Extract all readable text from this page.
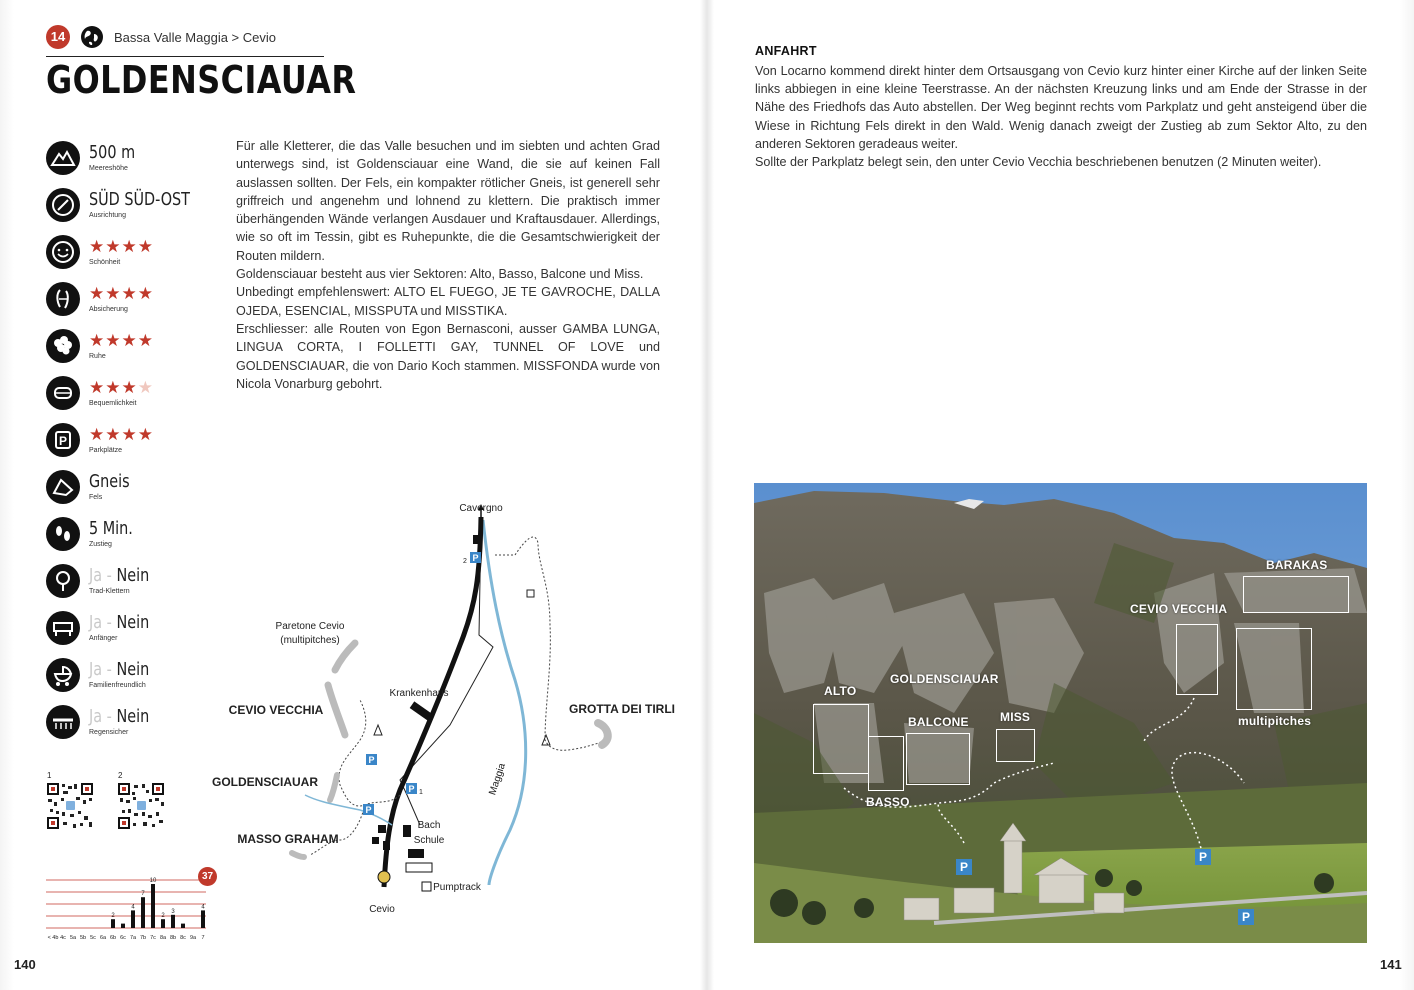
14	Bassa Valle Maggia > Cevio
GOLDENSCIAUAR
500 m
Meereshöhe
SÜD SÜD-OST
Ausrichtung
★★★★
Schönheit
★★★★
Absicherung
★★★★
Ruhe
★★★★
Bequemlichkeit
P ★★★★
Parkplätze
Gneis
Fels
5 Min.
Zustieg
Ja - Nein
Trad-Klettern
Ja - Nein
Anfänger
Ja - Nein
Familienfreundlich
Ja - Nein
Regensicher
1	2
< 4b 4c 5a 5b 5c 6a
2
6b 6c
4
7a
7
7b
10
7c
2
8a
3
8b 8c 9a
4
7
37

Für alle Kletterer, die das Valle besuchen und im siebten und achten Grad unterwegs sind, ist Goldensciauar eine Wand, die sie auf keinen Fall auslassen sollten. Der Fels, ein kompakter rötlicher Gneis, ist generell sehr griffreich und angenehm und lohnend zu klettern. Die praktisch immer überhängenden Wände verlangen Ausdauer und Kraftausdauer. Allerdings, wie so oft im Tessin, gibt es Ruhepunkte, die die Gesamtschwierigkeit der Routen mildern.

Goldensciauar besteht aus vier Sektoren: Alto, Basso, Balcone und Miss.

Unbedingt empfehlenswert: ALTO EL FUEGO, JE TE GAVROCHE, DALLA OJEDA, ESENCIAL, MISSPUTA und MISSTIKA.

Erschliesser: alle Routen von Egon Bernasconi, ausser GAMBA LUNGA, LINGUA CORTA, I FOLLETTI GAY, TUNNEL OF LOVE und GOLDENSCIAUAR, die von Dario Koch stammen. MISSFONDA wurde von Nicola Vonarburg gebohrt.

P
2
P
P 1
P
Cavergno
Paretone Cevio
(multipitches)
Krankenhaus
CEVIO VECCHIA	GROTTA DEI TIRLI
GOLDENSCIAUAR
MASSO GRAHAM
Maggia
Bach
Schule
Pumptrack
Cevio
140	141
ANFAHRT

Von Locarno kommend direkt hinter dem Ortsausgang von Cevio kurz hinter einer Kirche auf der linken Seite links abbiegen in eine kleine Teerstrasse. An der nächsten Kreuzung links und am Ende der Strasse in der Nähe des Friedhofs das Auto abstellen. Der Weg beginnt rechts vom Parkplatz und geht ansteigend über die Wiese in Richtung Fels direkt in den Wald. Wenig danach zweigt der Zustieg ab zum Sektor Alto, zu den anderen Sektoren geradeaus weiter.

Sollte der Parkplatz belegt sein, den unter Cevio Vecchia beschriebenen benutzen (2 Minuten weiter).

ALTO
GOLDENSCIAUAR
BALCONE	MISS
BASSO
CEVIO VECCHIA
BARAKAS
multipitches
P
P
P
